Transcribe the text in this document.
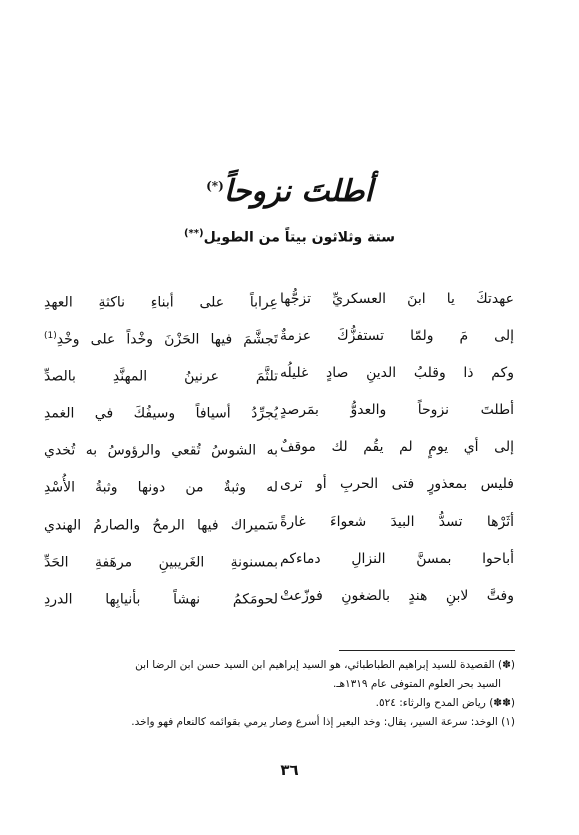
أطلتَ نزوحاً(*)
ستة وثلاثون بيتاً من الطويل(**)
عهدتكَ يا ابنَ العسكريِّ تزجُّها
عِراباً على أبناءِ ناكثةِ العهدِ
إلى مَ ولمّا تستفزُّكَ عزمةٌ
تَجشَّمَ فيها الحَزْنَ وخْداً على وخْدِ$^{(1)}$
وكم ذا وقلبُ الدينِ صادٍ غليلُه
تلثَّمَ عرنينُ المهنَّدِ بالصدِّ
أطلتَ نزوحاً والعدوُّ بمَرصدٍ
يُجرِّدُ أسيافاً وسيفُكَ في الغمدِ
إلى أي يومٍ لم يقُم لك موقفٌ
به الشوسُ تُقعي والرؤوسُ به تُخدي
فليس بمعذورٍ فتى الحربِ أو ترى
له وثبةٌ من دونها وثبةُ الأُسْدِ
أثَرْها تسدُّ البيدَ شعواءَ غارةً
سَميراك فيها الرمحُ والصارمُ الهندي
أباحوا بمسنَّ النزالِ دماءكم
بمسنونةِ الغَريبينِ مرهَفةِ الحَدِّ
وفتَّ لابنِ هندٍ بالضغونِ فوزّعتْ
لحومَكمُ نهشاً بأنيابِها الدردِ
(✽) القصيدة للسيد إبراهيم الطباطبائي، هو السيد إبراهيم ابن السيد حسن ابن الرضا ابن
السيد بحر العلوم المتوفى عام ١٣١٩هـ.
(✽✽) رياض المدح والرثاء: ٥٢٤.
(١) الوخد: سرعة السير، يقال: وخد البعير إذا أسرع وصار يرمي بقوائمه كالنعام فهو واخد.
٣٦
